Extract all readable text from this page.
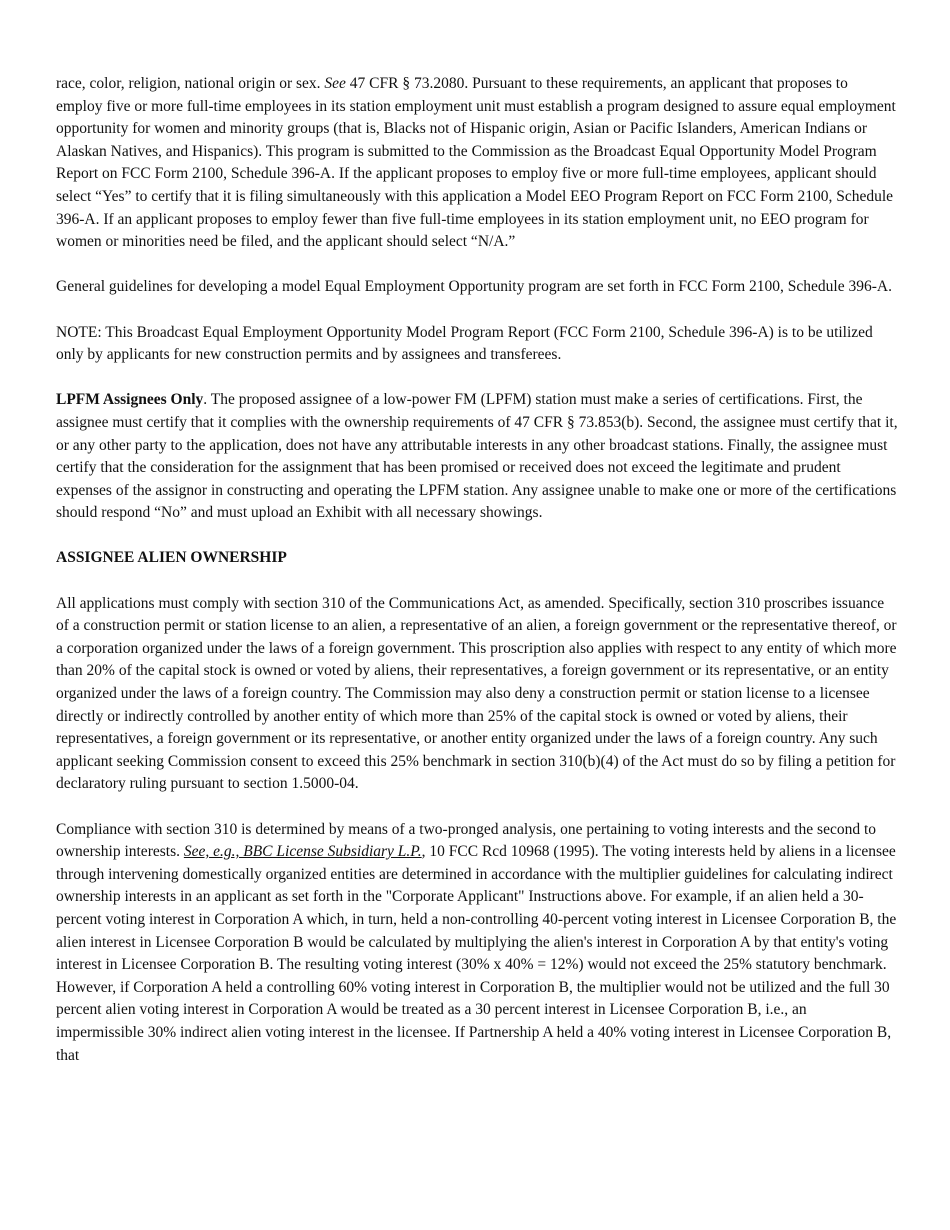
race, color, religion, national origin or sex. See 47 CFR § 73.2080. Pursuant to these requirements, an applicant that proposes to employ five or more full-time employees in its station employment unit must establish a program designed to assure equal employment opportunity for women and minority groups (that is, Blacks not of Hispanic origin, Asian or Pacific Islanders, American Indians or Alaskan Natives, and Hispanics). This program is submitted to the Commission as the Broadcast Equal Opportunity Model Program Report on FCC Form 2100, Schedule 396-A. If the applicant proposes to employ five or more full-time employees, applicant should select “Yes” to certify that it is filing simultaneously with this application a Model EEO Program Report on FCC Form 2100, Schedule 396-A. If an applicant proposes to employ fewer than five full-time employees in its station employment unit, no EEO program for women or minorities need be filed, and the applicant should select “N/A.”

General guidelines for developing a model Equal Employment Opportunity program are set forth in FCC Form 2100, Schedule 396-A.

NOTE: This Broadcast Equal Employment Opportunity Model Program Report (FCC Form 2100, Schedule 396-A) is to be utilized only by applicants for new construction permits and by assignees and transferees.

LPFM Assignees Only. The proposed assignee of a low-power FM (LPFM) station must make a series of certifications. First, the assignee must certify that it complies with the ownership requirements of 47 CFR § 73.853(b). Second, the assignee must certify that it, or any other party to the application, does not have any attributable interests in any other broadcast stations. Finally, the assignee must certify that the consideration for the assignment that has been promised or received does not exceed the legitimate and prudent expenses of the assignor in constructing and operating the LPFM station. Any assignee unable to make one or more of the certifications should respond “No” and must upload an Exhibit with all necessary showings.

ASSIGNEE ALIEN OWNERSHIP

All applications must comply with section 310 of the Communications Act, as amended. Specifically, section 310 proscribes issuance of a construction permit or station license to an alien, a representative of an alien, a foreign government or the representative thereof, or a corporation organized under the laws of a foreign government. This proscription also applies with respect to any entity of which more than 20% of the capital stock is owned or voted by aliens, their representatives, a foreign government or its representative, or an entity organized under the laws of a foreign country. The Commission may also deny a construction permit or station license to a licensee directly or indirectly controlled by another entity of which more than 25% of the capital stock is owned or voted by aliens, their representatives, a foreign government or its representative, or another entity organized under the laws of a foreign country. Any such applicant seeking Commission consent to exceed this 25% benchmark in section 310(b)(4) of the Act must do so by filing a petition for declaratory ruling pursuant to section 1.5000-04.

Compliance with section 310 is determined by means of a two-pronged analysis, one pertaining to voting interests and the second to ownership interests. See, e.g., BBC License Subsidiary L.P., 10 FCC Rcd 10968 (1995). The voting interests held by aliens in a licensee through intervening domestically organized entities are determined in accordance with the multiplier guidelines for calculating indirect ownership interests in an applicant as set forth in the "Corporate Applicant" Instructions above. For example, if an alien held a 30-percent voting interest in Corporation A which, in turn, held a non-controlling 40-percent voting interest in Licensee Corporation B, the alien interest in Licensee Corporation B would be calculated by multiplying the alien's interest in Corporation A by that entity's voting interest in Licensee Corporation B. The resulting voting interest (30% x 40% = 12%) would not exceed the 25% statutory benchmark. However, if Corporation A held a controlling 60% voting interest in Corporation B, the multiplier would not be utilized and the full 30 percent alien voting interest in Corporation A would be treated as a 30 percent interest in Licensee Corporation B, i.e., an impermissible 30% indirect alien voting interest in the licensee. If Partnership A held a 40% voting interest in Licensee Corporation B, that
